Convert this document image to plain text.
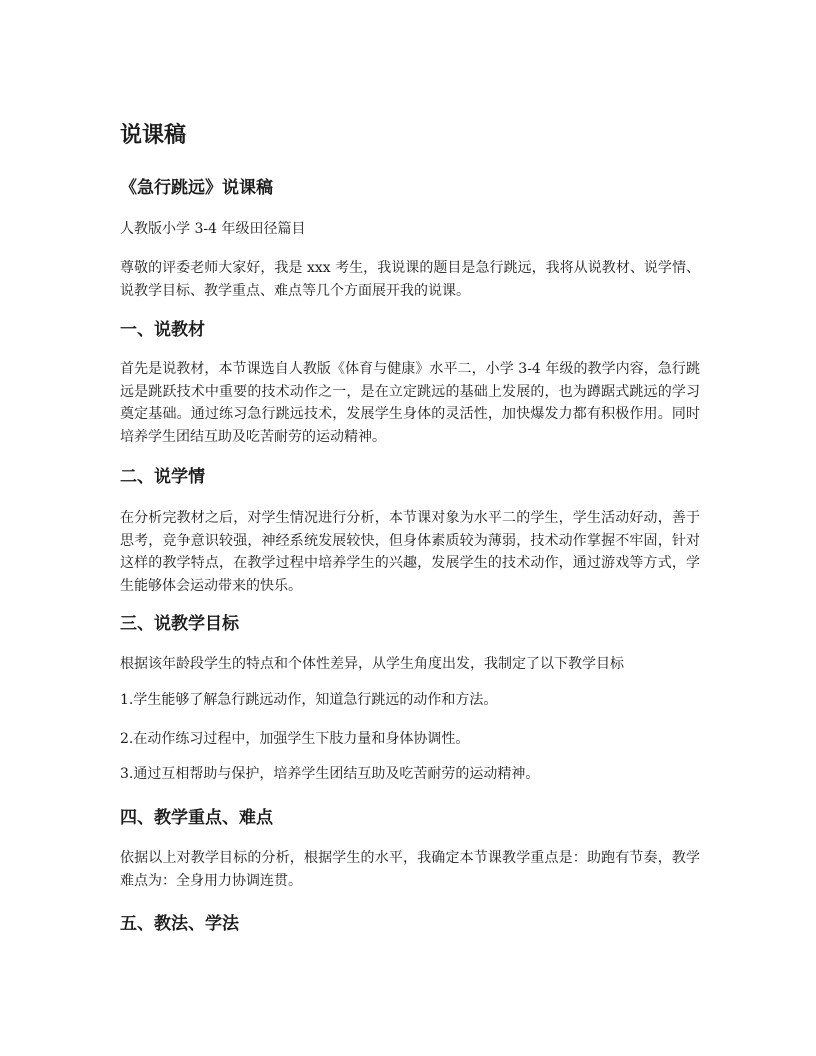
说课稿
《急行跳远》说课稿
人教版小学 3-4 年级田径篇目
尊敬的评委老师大家好，我是 xxx 考生，我说课的题目是急行跳远，我将从说教材、说学情、说教学目标、教学重点、难点等几个方面展开我的说课。
一、说教材
首先是说教材，本节课选自人教版《体育与健康》水平二，小学 3-4 年级的教学内容，急行跳远是跳跃技术中重要的技术动作之一，是在立定跳远的基础上发展的，也为蹲踞式跳远的学习奠定基础。通过练习急行跳远技术，发展学生身体的灵活性，加快爆发力都有积极作用。同时培养学生团结互助及吃苦耐劳的运动精神。
二、说学情
在分析完教材之后，对学生情况进行分析，本节课对象为水平二的学生，学生活动好动，善于思考，竞争意识较强，神经系统发展较快，但身体素质较为薄弱，技术动作掌握不牢固，针对这样的教学特点，在教学过程中培养学生的兴趣，发展学生的技术动作，通过游戏等方式，学生能够体会运动带来的快乐。
三、说教学目标
根据该年龄段学生的特点和个体性差异，从学生角度出发，我制定了以下教学目标
1.学生能够了解急行跳远动作，知道急行跳远的动作和方法。
2.在动作练习过程中，加强学生下肢力量和身体协调性。
3.通过互相帮助与保护，培养学生团结互助及吃苦耐劳的运动精神。
四、教学重点、难点
依据以上对教学目标的分析，根据学生的水平，我确定本节课教学重点是：助跑有节奏，教学难点为：全身用力协调连贯。
五、教法、学法
